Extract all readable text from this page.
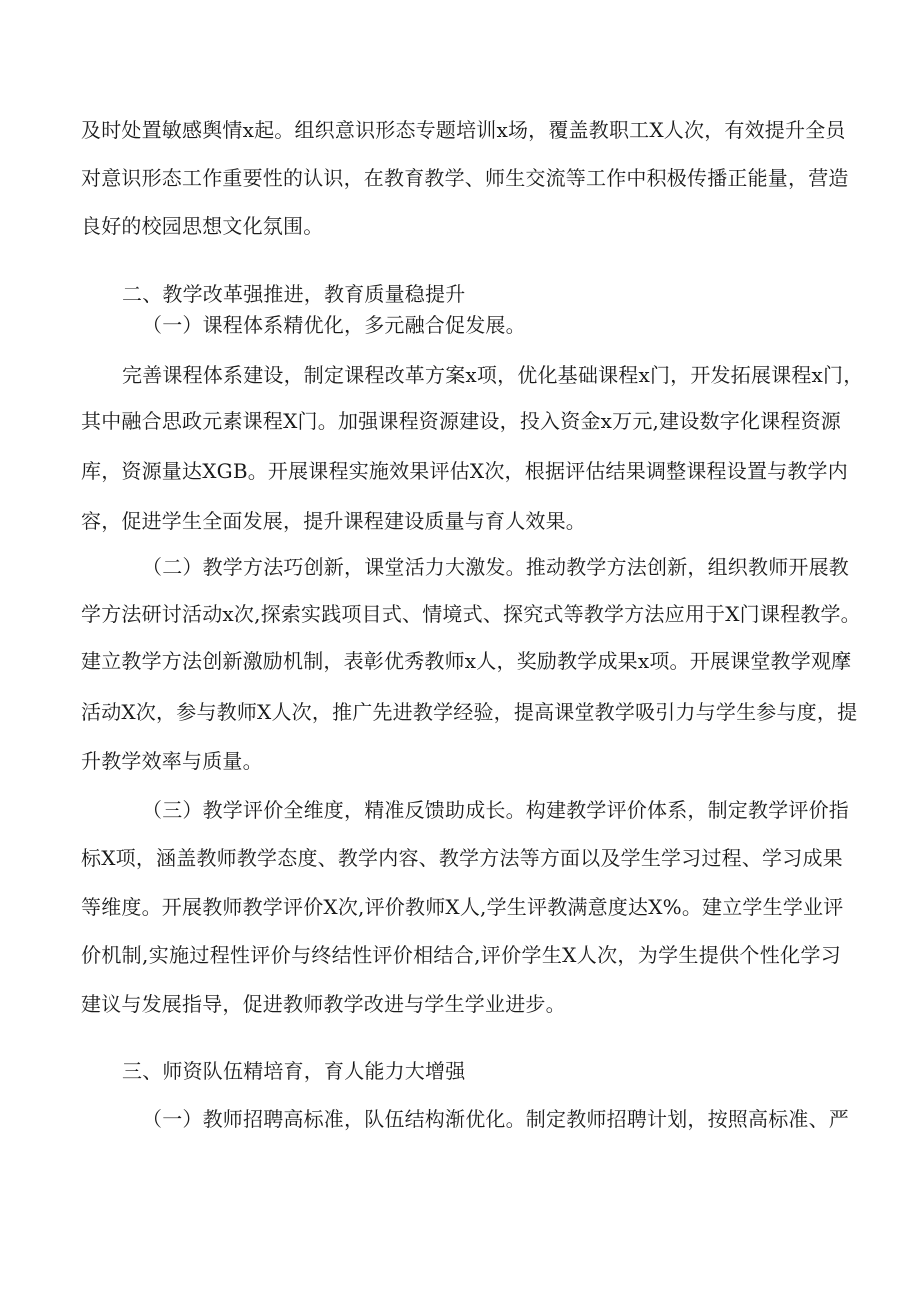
及时处置敏感舆情x起。组织意识形态专题培训x场，覆盖教职工X人次，有效提升全员
对意识形态工作重要性的认识，在教育教学、师生交流等工作中积极传播正能量，营造
良好的校园思想文化氛围。
二、教学改革强推进，教育质量稳提升
（一）课程体系精优化，多元融合促发展。
完善课程体系建设，制定课程改革方案x项，优化基础课程x门，开发拓展课程x门，
其中融合思政元素课程X门。加强课程资源建设，投入资金x万元,建设数字化课程资源
库，资源量达XGB。开展课程实施效果评估X次，根据评估结果调整课程设置与教学内
容，促进学生全面发展，提升课程建设质量与育人效果。
（二）教学方法巧创新，课堂活力大激发。推动教学方法创新，组织教师开展教
学方法研讨活动x次,探索实践项目式、情境式、探究式等教学方法应用于X门课程教学。
建立教学方法创新激励机制，表彰优秀教师x人，奖励教学成果x项。开展课堂教学观摩
活动X次，参与教师X人次，推广先进教学经验，提高课堂教学吸引力与学生参与度，提
升教学效率与质量。
（三）教学评价全维度，精准反馈助成长。构建教学评价体系，制定教学评价指
标X项，涵盖教师教学态度、教学内容、教学方法等方面以及学生学习过程、学习成果
等维度。开展教师教学评价X次,评价教师X人,学生评教满意度达X%。建立学生学业评
价机制,实施过程性评价与终结性评价相结合,评价学生X人次，为学生提供个性化学习
建议与发展指导，促进教师教学改进与学生学业进步。
三、师资队伍精培育，育人能力大增强
（一）教师招聘高标准，队伍结构渐优化。制定教师招聘计划，按照高标准、严
